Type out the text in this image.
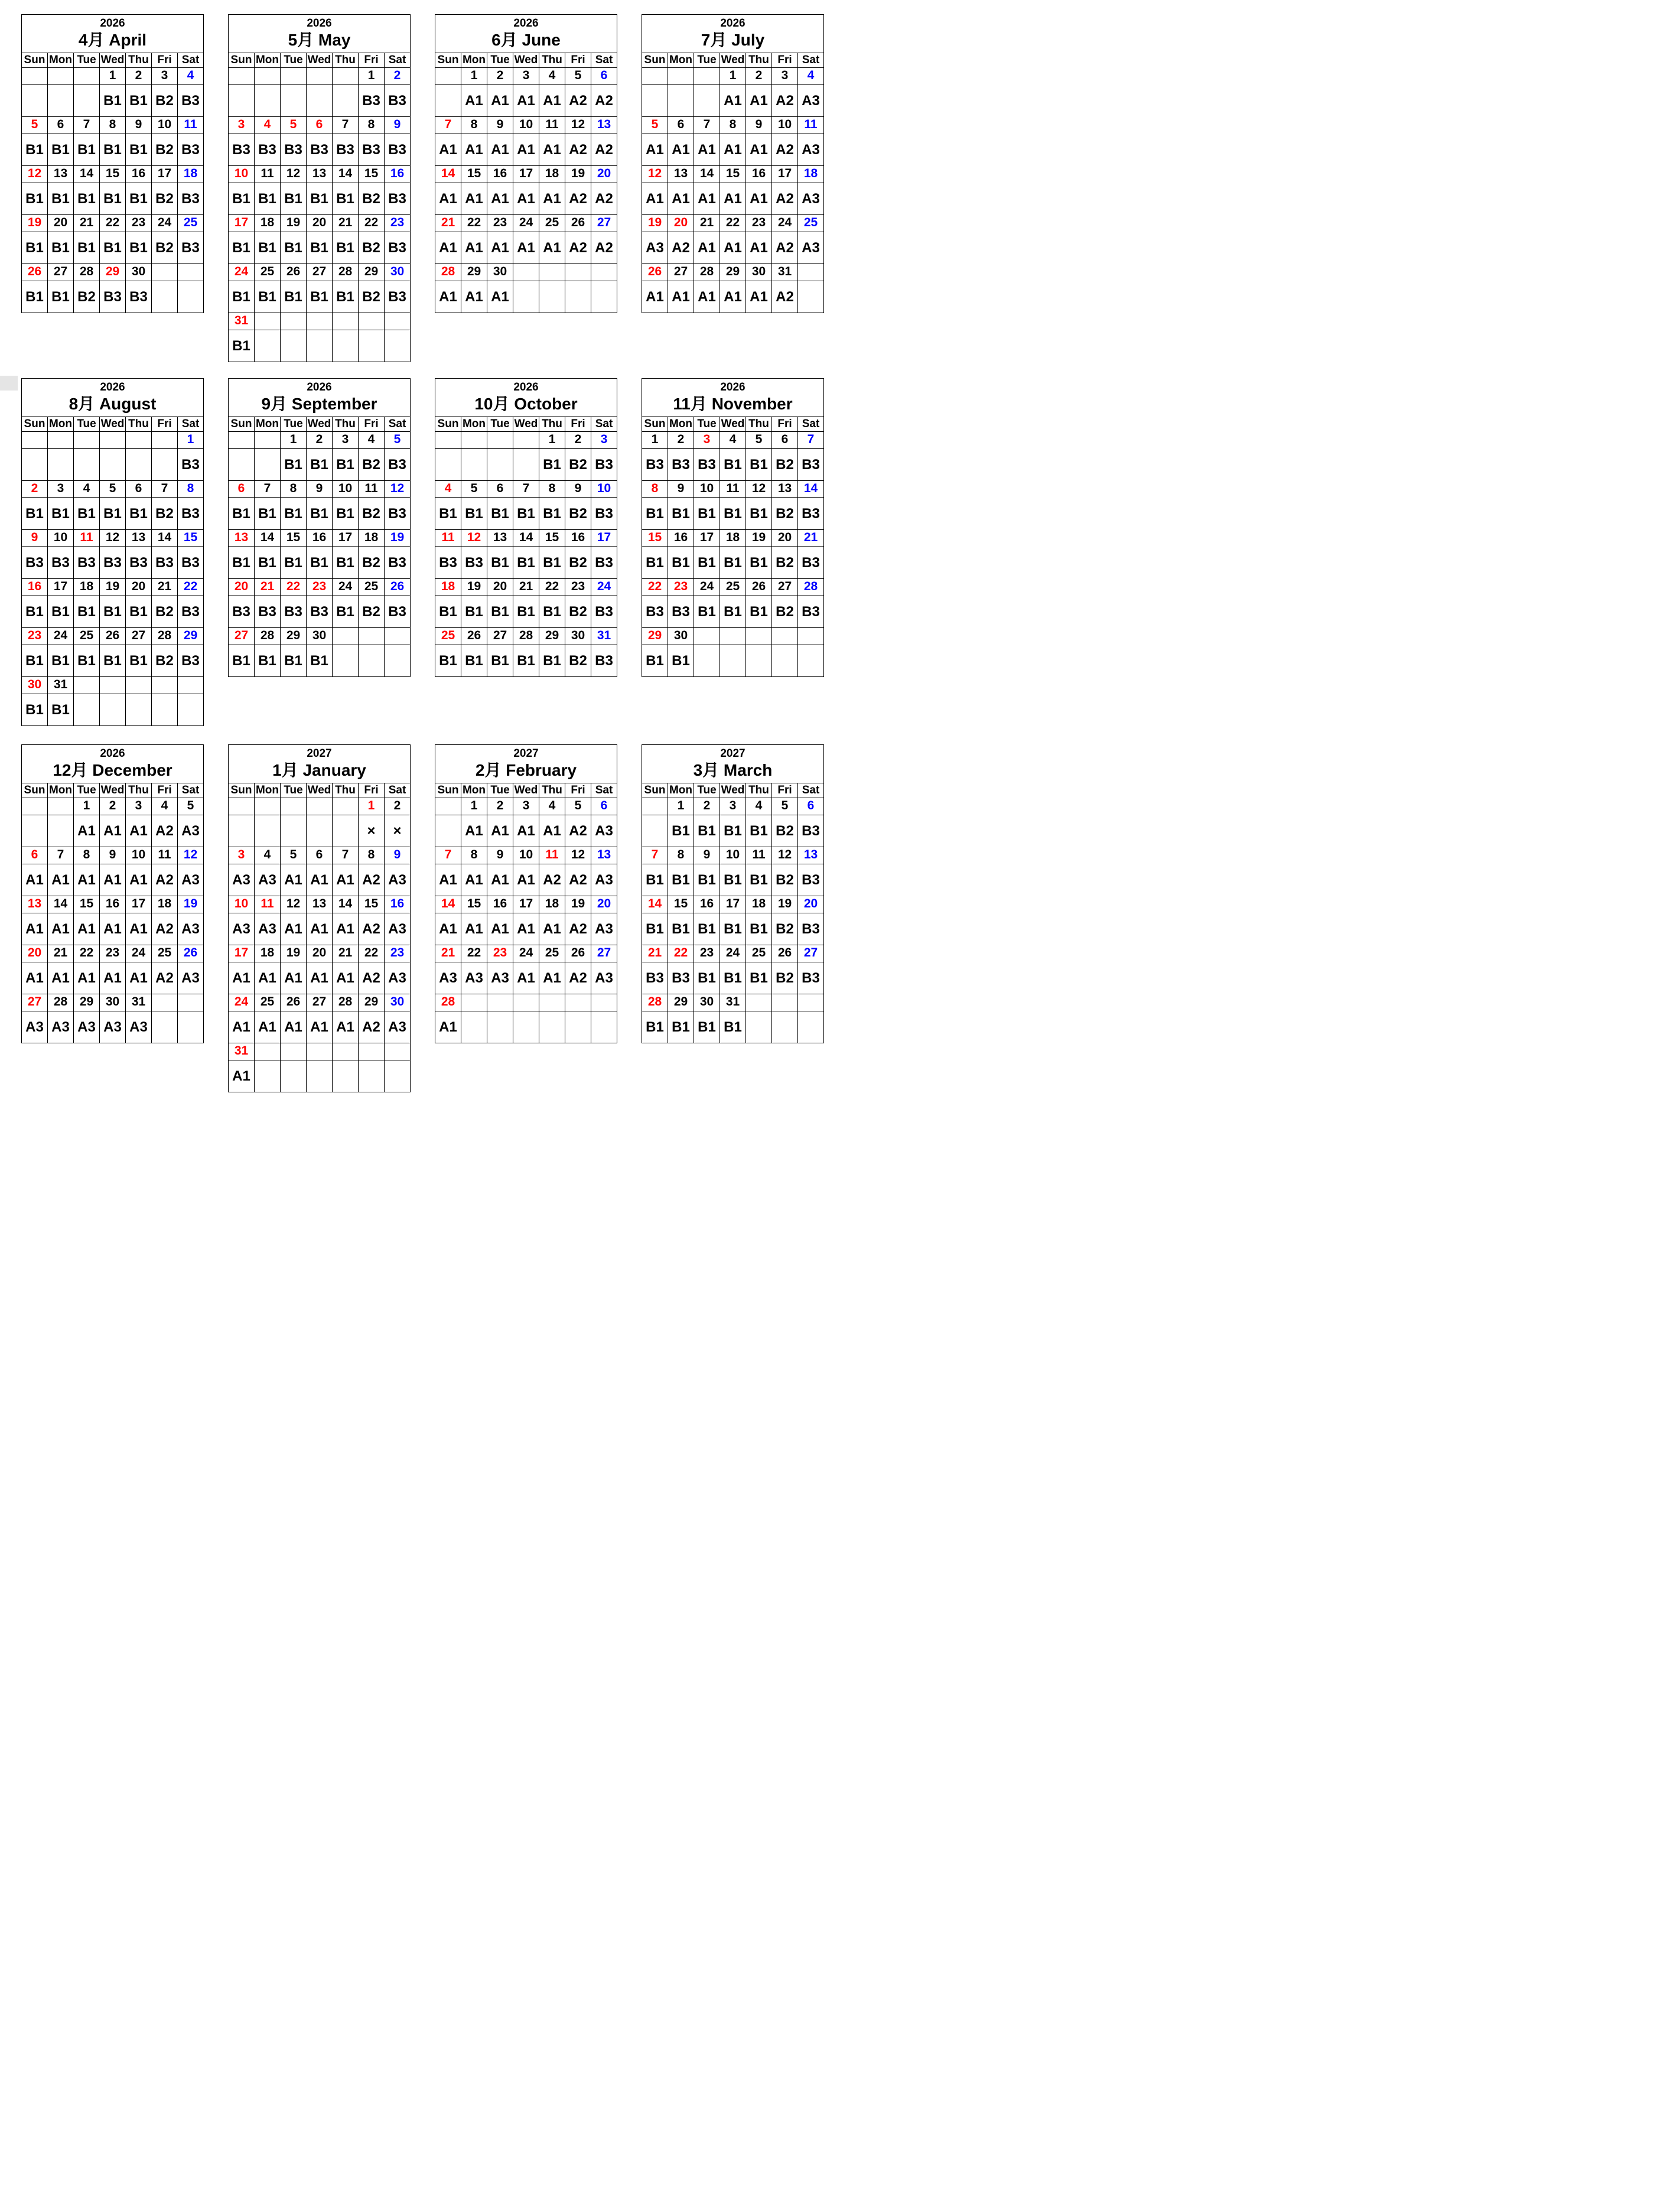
2026
4月 April						

Sun	Mon	Tue	Wed	Thu	Fri	Sat
			1	2	3	4
			B1	B1	B2	B3
5	6	7	8	9	10	11
B1	B1	B1	B1	B1	B2	B3
12	13	14	15	16	17	18
B1	B1	B1	B1	B1	B2	B3
19	20	21	22	23	24	25
B1	B1	B1	B1	B1	B2	B3
26	27	28	29	30		
B1	B1	B2	B3	B3		
2026
5月 May						

Sun	Mon	Tue	Wed	Thu	Fri	Sat
					1	2
					B3	B3
3	4	5	6	7	8	9
B3	B3	B3	B3	B3	B3	B3
10	11	12	13	14	15	16
B1	B1	B1	B1	B1	B2	B3
17	18	19	20	21	22	23
B1	B1	B1	B1	B1	B2	B3
24	25	26	27	28	29	30
B1	B1	B1	B1	B1	B2	B3
31						
B1						
2026
6月 June						

Sun	Mon	Tue	Wed	Thu	Fri	Sat
	1	2	3	4	5	6
	A1	A1	A1	A1	A2	A2
7	8	9	10	11	12	13
A1	A1	A1	A1	A1	A2	A2
14	15	16	17	18	19	20
A1	A1	A1	A1	A1	A2	A2
21	22	23	24	25	26	27
A1	A1	A1	A1	A1	A2	A2
28	29	30				
A1	A1	A1				
2026
7月 July						

Sun	Mon	Tue	Wed	Thu	Fri	Sat
			1	2	3	4
			A1	A1	A2	A3
5	6	7	8	9	10	11
A1	A1	A1	A1	A1	A2	A3
12	13	14	15	16	17	18
A1	A1	A1	A1	A1	A2	A3
19	20	21	22	23	24	25
A3	A2	A1	A1	A1	A2	A3
26	27	28	29	30	31	
A1	A1	A1	A1	A1	A2	
2026
8月 August						

Sun	Mon	Tue	Wed	Thu	Fri	Sat
						1
						B3
2	3	4	5	6	7	8
B1	B1	B1	B1	B1	B2	B3
9	10	11	12	13	14	15
B3	B3	B3	B3	B3	B3	B3
16	17	18	19	20	21	22
B1	B1	B1	B1	B1	B2	B3
23	24	25	26	27	28	29
B1	B1	B1	B1	B1	B2	B3
30	31					
B1	B1					
2026
9月 September						

Sun	Mon	Tue	Wed	Thu	Fri	Sat
		1	2	3	4	5
		B1	B1	B1	B2	B3
6	7	8	9	10	11	12
B1	B1	B1	B1	B1	B2	B3
13	14	15	16	17	18	19
B1	B1	B1	B1	B1	B2	B3
20	21	22	23	24	25	26
B3	B3	B3	B3	B1	B2	B3
27	28	29	30			
B1	B1	B1	B1			
2026
10月 October						

Sun	Mon	Tue	Wed	Thu	Fri	Sat
				1	2	3
				B1	B2	B3
4	5	6	7	8	9	10
B1	B1	B1	B1	B1	B2	B3
11	12	13	14	15	16	17
B3	B3	B1	B1	B1	B2	B3
18	19	20	21	22	23	24
B1	B1	B1	B1	B1	B2	B3
25	26	27	28	29	30	31
B1	B1	B1	B1	B1	B2	B3
2026
11月 November						

Sun	Mon	Tue	Wed	Thu	Fri	Sat
1	2	3	4	5	6	7
B3	B3	B3	B1	B1	B2	B3
8	9	10	11	12	13	14
B1	B1	B1	B1	B1	B2	B3
15	16	17	18	19	20	21
B1	B1	B1	B1	B1	B2	B3
22	23	24	25	26	27	28
B3	B3	B1	B1	B1	B2	B3
29	30					
B1	B1					
2026
12月 December						

Sun	Mon	Tue	Wed	Thu	Fri	Sat
		1	2	3	4	5
		A1	A1	A1	A2	A3
6	7	8	9	10	11	12
A1	A1	A1	A1	A1	A2	A3
13	14	15	16	17	18	19
A1	A1	A1	A1	A1	A2	A3
20	21	22	23	24	25	26
A1	A1	A1	A1	A1	A2	A3
27	28	29	30	31		
A3	A3	A3	A3	A3		
2027
1月 January						

Sun	Mon	Tue	Wed	Thu	Fri	Sat
					1	2
					×	×
3	4	5	6	7	8	9
A3	A3	A1	A1	A1	A2	A3
10	11	12	13	14	15	16
A3	A3	A1	A1	A1	A2	A3
17	18	19	20	21	22	23
A1	A1	A1	A1	A1	A2	A3
24	25	26	27	28	29	30
A1	A1	A1	A1	A1	A2	A3
31						
A1						
2027
2月 February						

Sun	Mon	Tue	Wed	Thu	Fri	Sat
	1	2	3	4	5	6
	A1	A1	A1	A1	A2	A3
7	8	9	10	11	12	13
A1	A1	A1	A1	A2	A2	A3
14	15	16	17	18	19	20
A1	A1	A1	A1	A1	A2	A3
21	22	23	24	25	26	27
A3	A3	A3	A1	A1	A2	A3
28						
A1						
2027
3月 March						

Sun	Mon	Tue	Wed	Thu	Fri	Sat
	1	2	3	4	5	6
	B1	B1	B1	B1	B2	B3
7	8	9	10	11	12	13
B1	B1	B1	B1	B1	B2	B3
14	15	16	17	18	19	20
B1	B1	B1	B1	B1	B2	B3
21	22	23	24	25	26	27
B3	B3	B1	B1	B1	B2	B3
28	29	30	31			
B1	B1	B1	B1			
